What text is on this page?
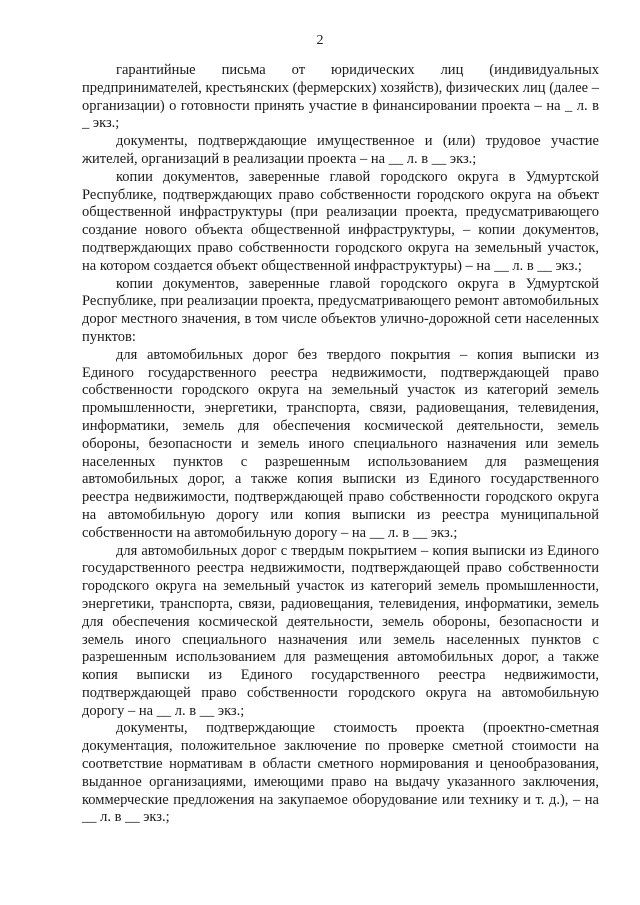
2

гарантийные письма от юридических лиц (индивидуальных предпринимателей, крестьянских (фермерских) хозяйств), физических лиц (далее – организации) о готовности принять участие в финансировании проекта – на _ л. в _ экз.;

документы, подтверждающие имущественное и (или) трудовое участие жителей, организаций в реализации проекта – на __ л. в __ экз.;

копии документов, заверенные главой городского округа в Удмуртской Республике, подтверждающих право собственности городского округа на объект общественной инфраструктуры (при реализации проекта, предусматривающего создание нового объекта общественной инфраструктуры, – копии документов, подтверждающих право собственности городского округа на земельный участок, на котором создается объект общественной инфраструктуры) – на __ л. в __ экз.;

копии документов, заверенные главой городского округа в Удмуртской Республике, при реализации проекта, предусматривающего ремонт автомобильных дорог местного значения, в том числе объектов улично-дорожной сети населенных пунктов:

для автомобильных дорог без твердого покрытия – копия выписки из Единого государственного реестра недвижимости, подтверждающей право собственности городского округа на земельный участок из категорий земель промышленности, энергетики, транспорта, связи, радиовещания, телевидения, информатики, земель для обеспечения космической деятельности, земель обороны, безопасности и земель иного специального назначения или земель населенных пунктов с разрешенным использованием для размещения автомобильных дорог, а также копия выписки из Единого государственного реестра недвижимости, подтверждающей право собственности городского округа на автомобильную дорогу или копия выписки из реестра муниципальной собственности на автомобильную дорогу – на __ л. в __ экз.;

для автомобильных дорог с твердым покрытием – копия выписки из Единого государственного реестра недвижимости, подтверждающей право собственности городского округа на земельный участок из категорий земель промышленности, энергетики, транспорта, связи, радиовещания, телевидения, информатики, земель для обеспечения космической деятельности, земель обороны, безопасности и земель иного специального назначения или земель населенных пунктов с разрешенным использованием для размещения автомобильных дорог, а также копия выписки из Единого государственного реестра недвижимости, подтверждающей право собственности городского округа на автомобильную дорогу – на __ л. в __ экз.;

документы, подтверждающие стоимость проекта (проектно-сметная документация, положительное заключение по проверке сметной стоимости на соответствие нормативам в области сметного нормирования и ценообразования, выданное организациями, имеющими право на выдачу указанного заключения, коммерческие предложения на закупаемое оборудование или технику и т. д.), – на __ л. в __ экз.;
